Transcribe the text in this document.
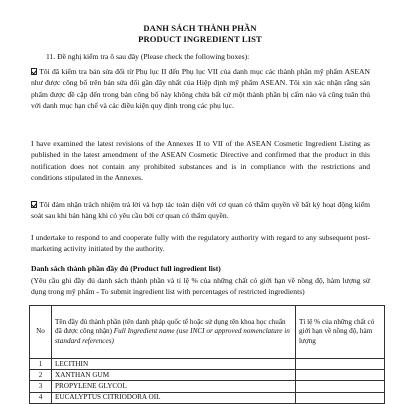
DANH SÁCH THÀNH PHẦN
PRODUCT INGREDIENT LIST
11. Đề nghị kiểm tra ô sau đây (Please check the following boxes):
Tôi đã kiểm tra bản sửa đổi từ Phụ lục II đến Phụ lục VII của danh mục các thành phần mỹ phẩm ASEAN như được công bố trên bản sửa đổi gần đây nhất của Hiệp định mỹ phẩm ASEAN. Tôi xin xác nhận rằng sản phẩm được đề cập đến trong bản công bố này không chứa bất cứ một thành phần bị cấm nào và cũng tuân thủ với danh mục hạn chế và các điều kiện quy định trong các phụ lục.
I have examined the latest revisions of the Annexes II to VII of the ASEAN Cosmetic Ingredient Listing as published in the latest amendment of the ASEAN Cosmetic Directive and confirmed that the product in this notification does not contain any prohibited substances and is in compliance with the restrictions and conditions stipulated in the Annexes.
Tôi đảm nhận trách nhiệm trả lời và hợp tác toàn diện với cơ quan có thẩm quyền về bất kỳ hoạt động kiểm soát sau khi bán hàng khi có yêu cầu bởi cơ quan có thẩm quyền.
I undertake to respond to and cooperate fully with the regulatory authority with regard to any subsequent post-marketing activity initiated by the authority.
Danh sách thành phần đầy đủ (Product full ingredient list)
(Yêu cầu ghi đầy đủ danh sách thành phần và tỉ lệ % của những chất có giới hạn về nồng độ, hàm lượng sử dụng trong mỹ phẩm - To submit ingredient list with percentages of restricted ingredients)
No	Tên đầy đủ thành phần (tên danh pháp quốc tế hoặc sử dụng tên khoa học chuẩn đã được công nhận) Full Ingredient name (use INCI or approved nomenclature in standard references)	Tỉ lệ % của những chất có giới hạn về nồng độ, hàm lượng
1	LECITHIN	
2	XANTHAN GUM	
3	PROPYLENE GLYCOL	
4	EUCALYPTUS CITRIODORA OIL	
